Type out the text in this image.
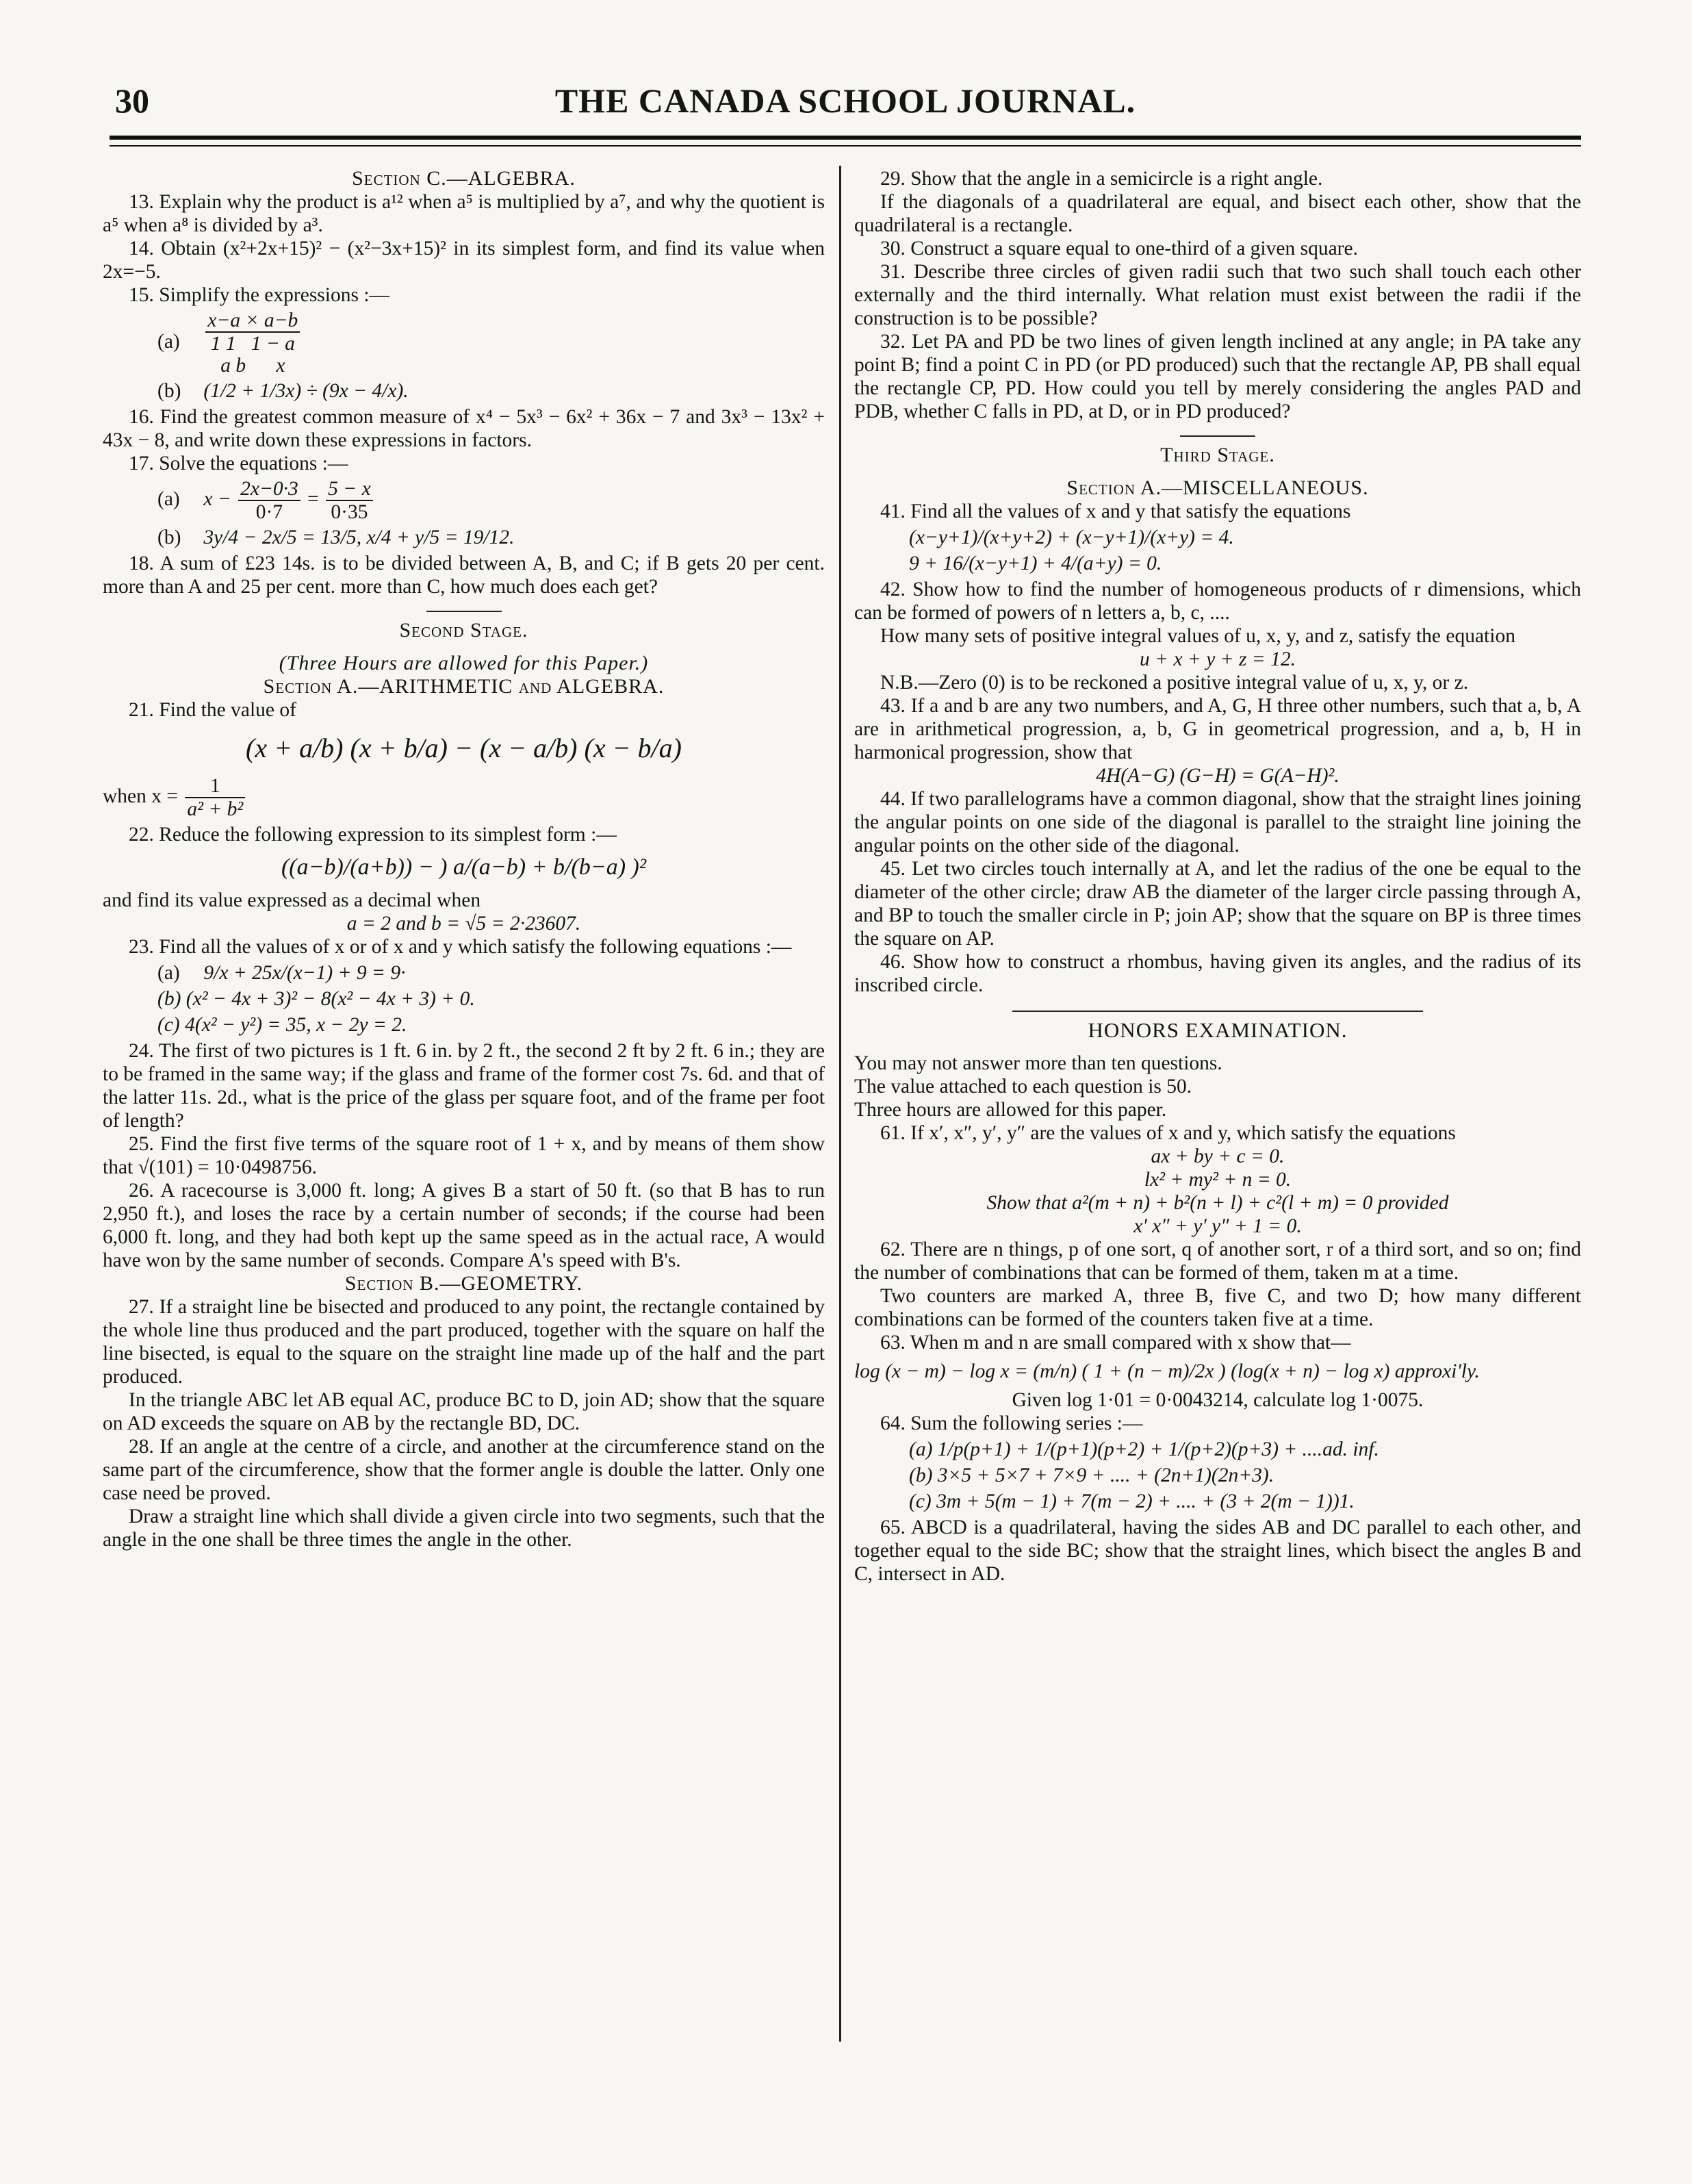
30	THE CANADA SCHOOL JOURNAL.
Section C.—ALGEBRA.

13. Explain why the product is a¹² when a⁵ is multiplied by a⁷, and why the quotient is a⁵ when a⁸ is divided by a³.

14. Obtain (x²+2x+15)² − (x²−3x+15)² in its simplest form, and find its value when 2x=−5.

15. Simplify the expressions :—

(a)
x−a × a−b
1 1 1 − a
a b x
(b) (1/2 + 1/3x) ÷ (9x − 4/x).

16. Find the greatest common measure of x⁴ − 5x³ − 6x² + 36x − 7 and 3x³ − 13x² + 43x − 8, and write down these expressions in factors.

17. Solve the equations :—

(a) $x - \frac{2x-0\cdot 3}{0\cdot 7} = \frac{5 - x}{0\cdot 35}$
(b) 3y/4 − 2x/5 = 13/5, x/4 + y/5 = 19/12.

18. A sum of £23 14s. is to be divided between A, B, and C; if B gets 20 per cent. more than A and 25 per cent. more than C, how much does each get?

Second Stage.
(Three Hours are allowed for this Paper.)
Section A.—ARITHMETIC and ALGEBRA.

21. Find the value of

(x + a/b) (x + b/a) − (x − a/b) (x − b/a)
when $x = \frac{1}{\text{a² + b²}}$

22. Reduce the following expression to its simplest form :—

((a−b)/(a+b)) − ) a/(a−b) + b/(b−a) )²

and find its value expressed as a decimal when

a = 2 and b = √5 = 2·23607.

23. Find all the values of x or of x and y which satisfy the following equations :—

(a) 9/x + 25x/(x−1) + 9 = 9·
(b) (x² − 4x + 3)² − 8(x² − 4x + 3) + 0.
(c) 4(x² − y²) = 35, x − 2y = 2.

24. The first of two pictures is 1 ft. 6 in. by 2 ft., the second 2 ft by 2 ft. 6 in.; they are to be framed in the same way; if the glass and frame of the former cost 7s. 6d. and that of the latter 11s. 2d., what is the price of the glass per square foot, and of the frame per foot of length?

25. Find the first five terms of the square root of 1 + x, and by means of them show that √(101) = 10·0498756.

26. A racecourse is 3,000 ft. long; A gives B a start of 50 ft. (so that B has to run 2,950 ft.), and loses the race by a certain number of seconds; if the course had been 6,000 ft. long, and they had both kept up the same speed as in the actual race, A would have won by the same number of seconds. Compare A's speed with B's.

Section B.—GEOMETRY.

27. If a straight line be bisected and produced to any point, the rectangle contained by the whole line thus produced and the part produced, together with the square on half the line bisected, is equal to the square on the straight line made up of the half and the part produced.

In the triangle ABC let AB equal AC, produce BC to D, join AD; show that the square on AD exceeds the square on AB by the rectangle BD, DC.

28. If an angle at the centre of a circle, and another at the circumference stand on the same part of the circumference, show that the former angle is double the latter. Only one case need be proved.

Draw a straight line which shall divide a given circle into two segments, such that the angle in the one shall be three times the angle in the other.

29. Show that the angle in a semicircle is a right angle.

If the diagonals of a quadrilateral are equal, and bisect each other, show that the quadrilateral is a rectangle.

30. Construct a square equal to one-third of a given square.

31. Describe three circles of given radii such that two such shall touch each other externally and the third internally. What relation must exist between the radii if the construction is to be possible?

32. Let PA and PD be two lines of given length inclined at any angle; in PA take any point B; find a point C in PD (or PD produced) such that the rectangle AP, PB shall equal the rectangle CP, PD. How could you tell by merely considering the angles PAD and PDB, whether C falls in PD, at D, or in PD produced?

Third Stage.
Section A.—MISCELLANEOUS.

41. Find all the values of x and y that satisfy the equations

(x−y+1)/(x+y+2) + (x−y+1)/(x+y) = 4.
9 + 16/(x−y+1) + 4/(a+y) = 0.

42. Show how to find the number of homogeneous products of r dimensions, which can be formed of powers of n letters a, b, c, ....

How many sets of positive integral values of u, x, y, and z, satisfy the equation

u + x + y + z = 12.

N.B.—Zero (0) is to be reckoned a positive integral value of u, x, y, or z.

43. If a and b are any two numbers, and A, G, H three other numbers, such that a, b, A are in arithmetical progression, a, b, G in geometrical progression, and a, b, H in harmonical progression, show that

4H(A−G) (G−H) = G(A−H)².

44. If two parallelograms have a common diagonal, show that the straight lines joining the angular points on one side of the diagonal is parallel to the straight line joining the angular points on the other side of the diagonal.

45. Let two circles touch internally at A, and let the radius of the one be equal to the diameter of the other circle; draw AB the diameter of the larger circle passing through A, and BP to touch the smaller circle in P; join AP; show that the square on BP is three times the square on AP.

46. Show how to construct a rhombus, having given its angles, and the radius of its inscribed circle.

HONORS EXAMINATION.

You may not answer more than ten questions.

The value attached to each question is 50.

Three hours are allowed for this paper.

61. If x′, x″, y′, y″ are the values of x and y, which satisfy the equations

ax + by + c = 0.

lx² + my² + n = 0.

Show that a²(m + n) + b²(n + l) + c²(l + m) = 0 provided

x′ x″ + y′ y″ + 1 = 0.

62. There are n things, p of one sort, q of another sort, r of a third sort, and so on; find the number of combinations that can be formed of them, taken m at a time.

Two counters are marked A, three B, five C, and two D; how many different combinations can be formed of the counters taken five at a time.

63. When m and n are small compared with x show that—

log (x − m) − log x = (m/n) ( 1 + (n − m)/2x ) (log(x + n) − log x) approxi'ly.

Given log 1·01 = 0·0043214, calculate log 1·0075.

64. Sum the following series :—

(a) 1/p(p+1) + 1/(p+1)(p+2) + 1/(p+2)(p+3) + ....ad. inf.
(b) 3×5 + 5×7 + 7×9 + .... + (2n+1)(2n+3).
(c) 3m + 5(m − 1) + 7(m − 2) + .... + (3 + 2(m − 1))1.

65. ABCD is a quadrilateral, having the sides AB and DC parallel to each other, and together equal to the side BC; show that the straight lines, which bisect the angles B and C, intersect in AD.
